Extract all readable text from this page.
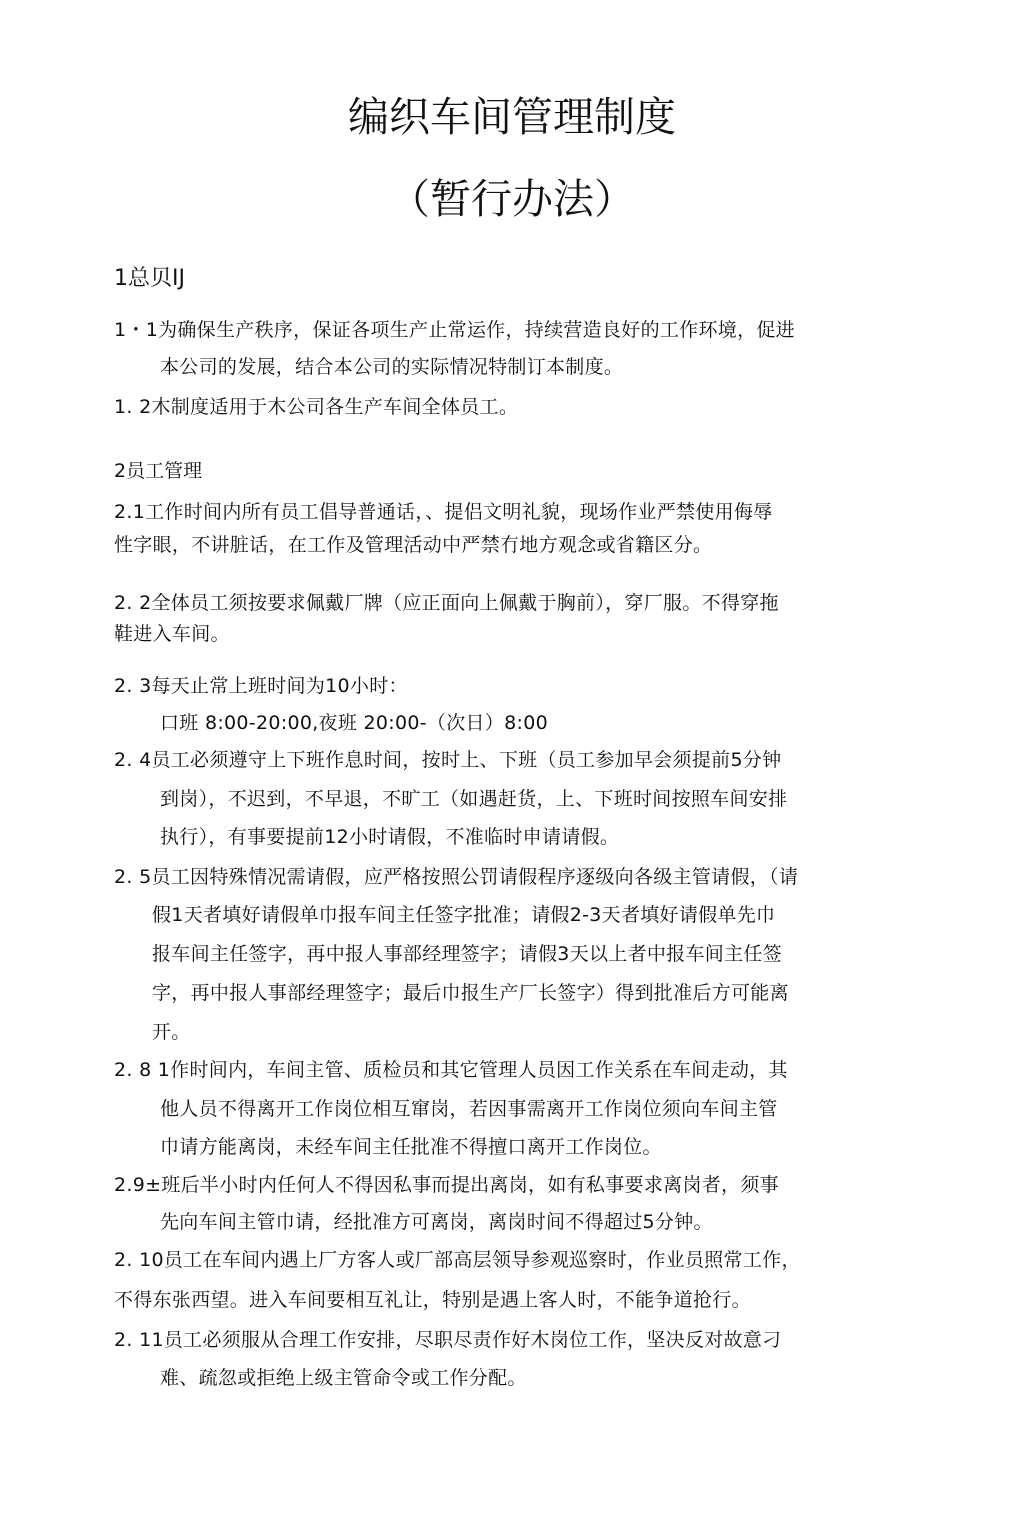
编织车间管理制度
（暂行办法）
1总贝IJ

1・1为确保生产秩序，保证各项生产止常运作，持续营造良好的工作环境，促进

本公司的发展，结合本公司的实际情况特制订本制度。

1. 2木制度适用于木公司各生产车间全体员工。

2员工管理

2.1工作时间内所有员工倡导普通话，、提侣文明礼貌，现场作业严禁使用侮辱

性字眼，不讲脏话，在工作及管理活动中严禁冇地方观念或省籍区分。

2. 2全体员工须按要求佩戴厂牌（应正面向上佩戴于胸前），穿厂服。不得穿拖

鞋进入车间。

2. 3每天止常上班时间为10小时：

口班 8:00-20:00,夜班 20:00-（次日）8:00

2. 4员工必须遵守上下班作息时间，按时上、下班（员工参加早会须提前5分钟

到岗），不迟到，不早退，不旷工（如遇赶货，上、下班时间按照车间安排

执行），有事要提前12小时请假，不准临时申请请假。

2. 5员工因特殊情况需请假，应严格按照公罚请假程序逐级向各级主管请假，（请

假1天者填好请假单巾报车间主任签字批准；请假2-3天者填好请假单先巾

报车间主任签字，再中报人事部经理签字；请假3天以上者中报车间主任签

字，再中报人事部经理签字；最后巾报生产厂长签字）得到批准后方可能离

开。

2. 8 1作时间内，车间主管、质检员和其它管理人员因工作关系在车间走动，其

他人员不得离开工作岗位相互窜岗，若因事需离开工作岗位须向车间主管

巾请方能离岗，未经车间主任批准不得擅口离开工作岗位。

2.9±班后半小时内任何人不得因私事而提出离岗，如有私事要求离岗者，须事

先向车间主管巾请，经批准方可离岗，离岗时间不得超过5分钟。

2. 10员工在车间内遇上厂方客人或厂部高层领导参观巡察时，作业员照常工作，

不得东张西望。进入车间要相互礼让，特别是遇上客人时，不能争道抢行。

2. 11员工必须服从合理工作安排，尽职尽责作好木岗位工作，坚决反对故意刁

难、疏忽或拒绝上级主管命令或工作分配。
